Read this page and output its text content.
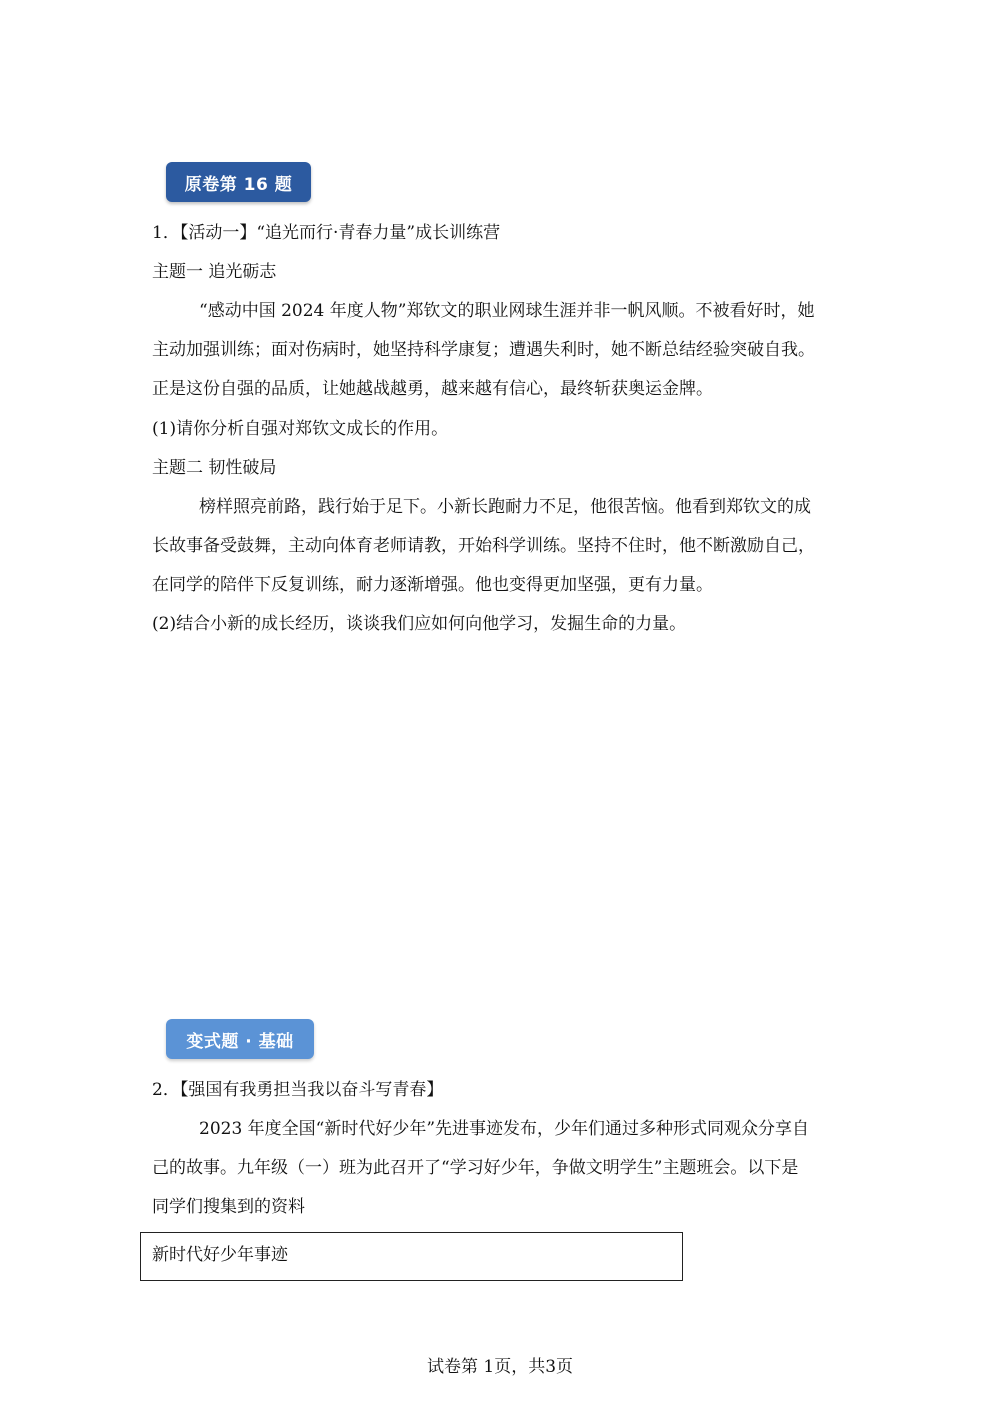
原卷第 16 题
1．【活动一】“追光而行·青春力量”成长训练营
主题一 追光砺志
“感动中国 2024 年度人物”郑钦文的职业网球生涯并非一帆风顺。不被看好时，她
主动加强训练；面对伤病时，她坚持科学康复；遭遇失利时，她不断总结经验突破自我。
正是这份自强的品质，让她越战越勇，越来越有信心，最终斩获奥运金牌。
(1)请你分析自强对郑钦文成长的作用。
主题二 韧性破局
榜样照亮前路，践行始于足下。小新长跑耐力不足，他很苦恼。他看到郑钦文的成
长故事备受鼓舞，主动向体育老师请教，开始科学训练。坚持不住时，他不断激励自己，
在同学的陪伴下反复训练，耐力逐渐增强。他也变得更加坚强，更有力量。
(2)结合小新的成长经历，谈谈我们应如何向他学习，发掘生命的力量。
变式题 · 基础
2．【强国有我勇担当我以奋斗写青春】
2023 年度全国“新时代好少年”先进事迹发布，少年们通过多种形式同观众分享自
己的故事。九年级（一）班为此召开了“学习好少年，争做文明学生”主题班会。以下是
同学们搜集到的资料
新时代好少年事迹
试卷第 1页，共3页
